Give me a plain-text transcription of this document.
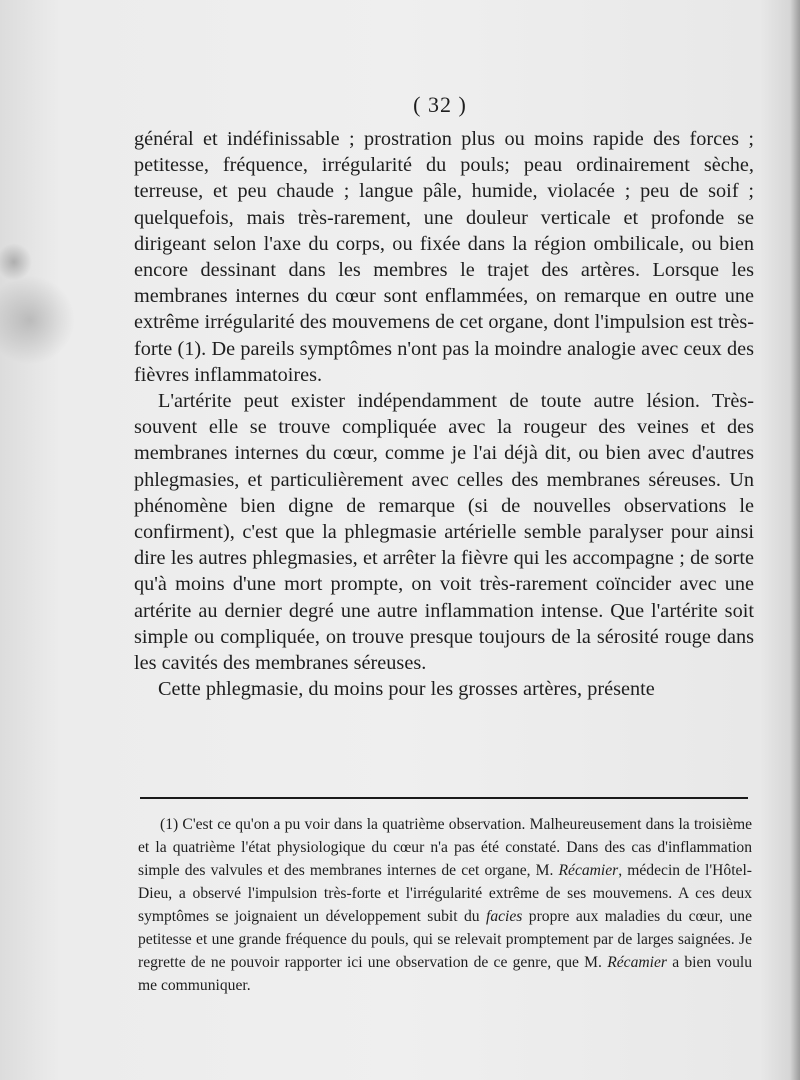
( 32 )

général et indéfinissable ; prostration plus ou moins rapide des forces ; petitesse, fréquence, irrégularité du pouls; peau ordinairement sèche, terreuse, et peu chaude ; langue pâle, humide, violacée ; peu de soif ; quelquefois, mais très-rarement, une douleur verticale et profonde se dirigeant selon l'axe du corps, ou fixée dans la région ombilicale, ou bien encore dessinant dans les membres le trajet des artères. Lorsque les membranes internes du cœur sont enflammées, on remarque en outre une extrême irrégularité des mouvemens de cet organe, dont l'impulsion est très-forte (1). De pareils symptômes n'ont pas la moindre analogie avec ceux des fièvres inflammatoires.

L'artérite peut exister indépendamment de toute autre lésion. Très-souvent elle se trouve compliquée avec la rougeur des veines et des membranes internes du cœur, comme je l'ai déjà dit, ou bien avec d'autres phlegmasies, et particulièrement avec celles des membranes séreuses. Un phénomène bien digne de remarque (si de nouvelles observations le confirment), c'est que la phlegmasie artérielle semble paralyser pour ainsi dire les autres phlegmasies, et arrêter la fièvre qui les accompagne ; de sorte qu'à moins d'une mort prompte, on voit très-rarement coïncider avec une artérite au dernier degré une autre inflammation intense. Que l'artérite soit simple ou compliquée, on trouve presque toujours de la sérosité rouge dans les cavités des membranes séreuses.

Cette phlegmasie, du moins pour les grosses artères, présente

(1) C'est ce qu'on a pu voir dans la quatrième observation. Malheureusement dans la troisième et la quatrième l'état physiologique du cœur n'a pas été constaté. Dans des cas d'inflammation simple des valvules et des membranes internes de cet organe, M. Récamier, médecin de l'Hôtel-Dieu, a observé l'impulsion très-forte et l'irrégularité extrême de ses mouvemens. A ces deux symptômes se joignaient un développement subit du facies propre aux maladies du cœur, une petitesse et une grande fréquence du pouls, qui se relevait promptement par de larges saignées. Je regrette de ne pouvoir rapporter ici une observation de ce genre, que M. Récamier a bien voulu me communiquer.
